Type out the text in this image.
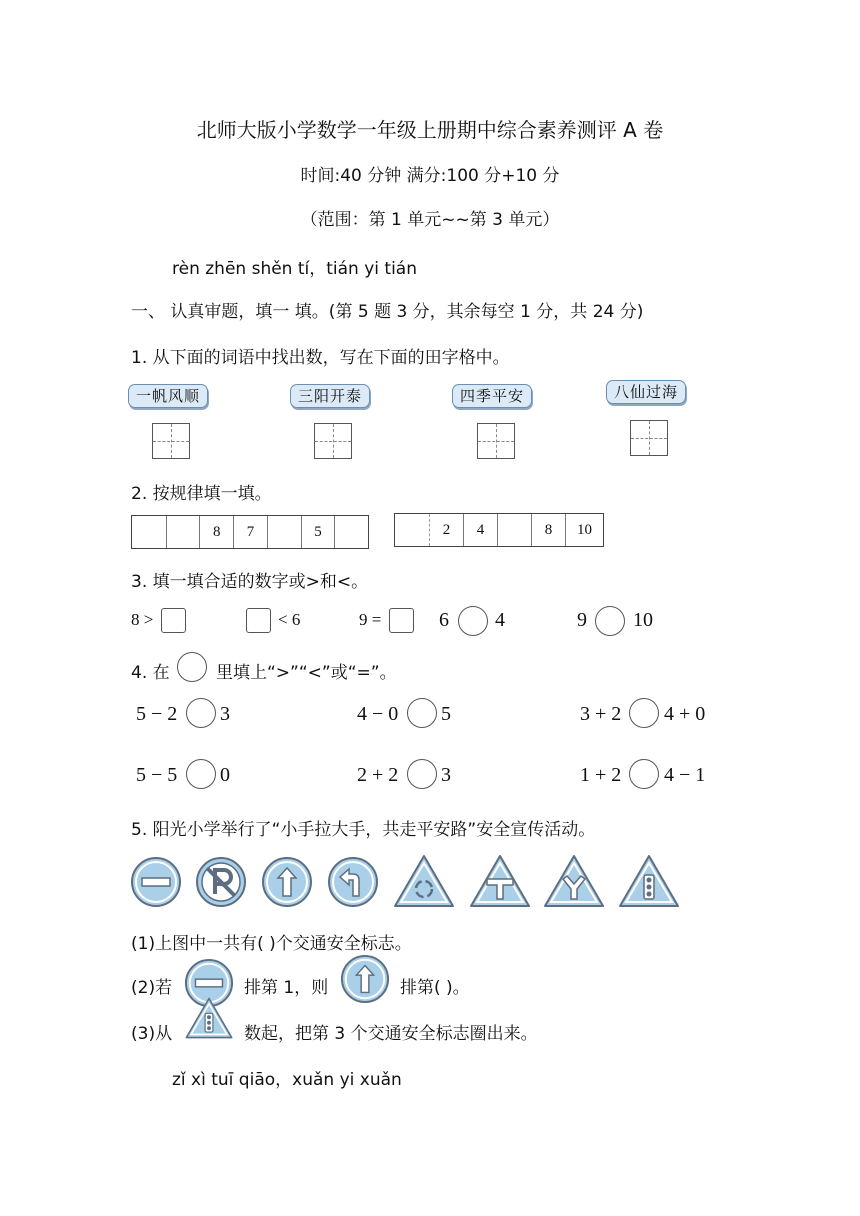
北师大版小学数学一年级上册期中综合素养测评 A 卷
时间:40 分钟 满分:100 分+10 分
（范围：第 1 单元~~第 3 单元）
rèn zhēn shěn tí，tián yi tián
一、 认真审题，填一 填。(第 5 题 3 分，其余每空 1 分，共 24 分)
1. 从下面的词语中找出数，写在下面的田字格中。
一帆风顺	三阳开泰	四季平安	八仙过海
2. 按规律填一填。
8	7	5	2	4	8	10
3. 填一填合适的数字或>和<。
8 >	< 6	9 =	6 4	9 10
4. 在	里填上“>”“<”或“=”。
5 − 2 3	4 − 0 5	3 + 2 4 + 0
5 − 5 0	2 + 2 3	1 + 2 4 − 1
5. 阳光小学举行了“小手拉大手，共走平安路”安全宣传活动。
(1)上图中一共有( )个交通安全标志。
(2)若	排第 1，则	排第( )。
(3)从	数起，把第 3 个交通安全标志圈出来。
zǐ xì tuī qiāo，xuǎn yi xuǎn
